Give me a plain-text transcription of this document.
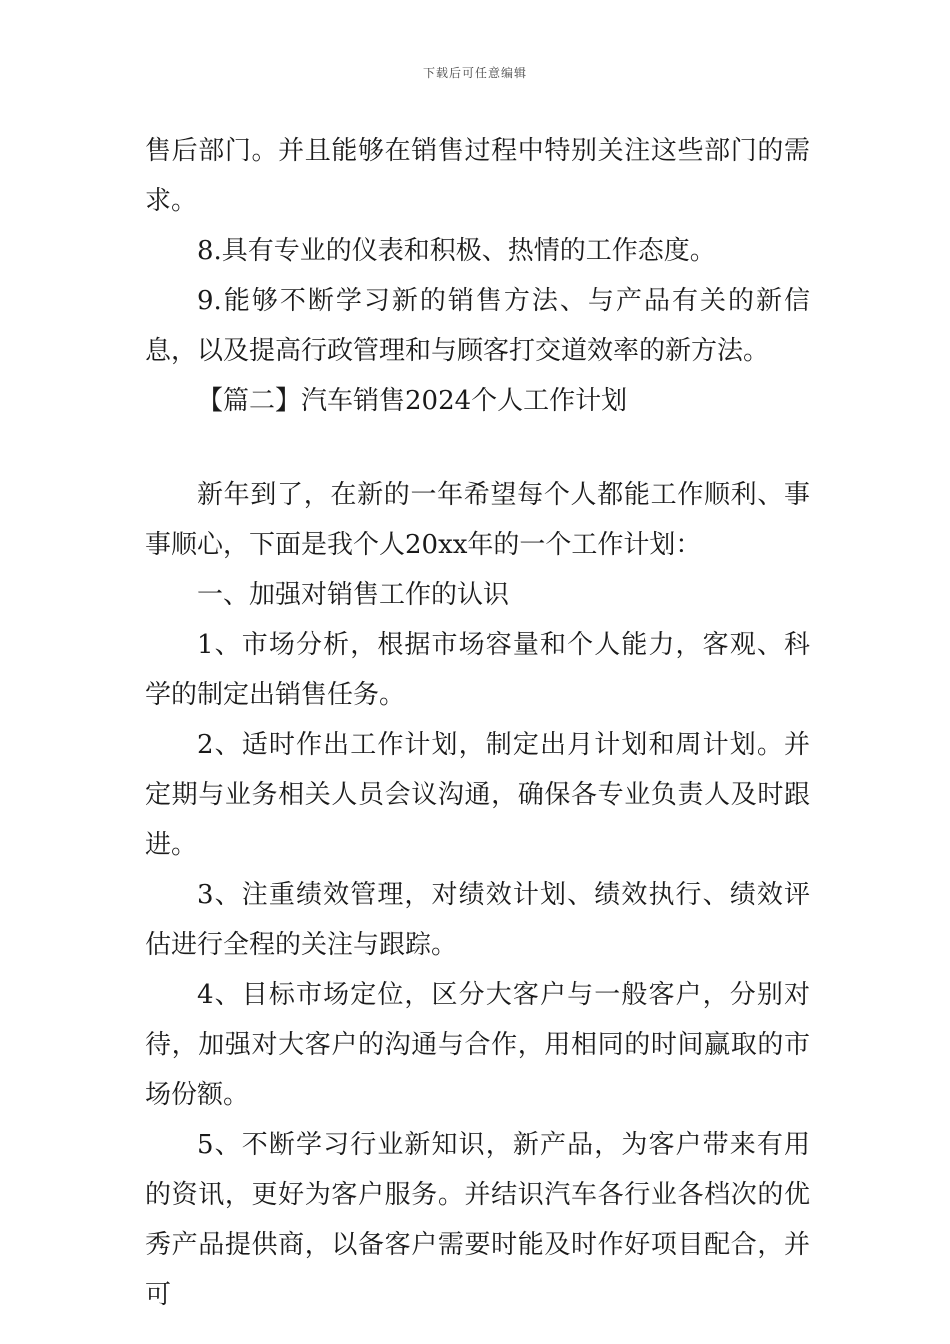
下载后可任意编辑

售后部门。并且能够在销售过程中特别关注这些部门的需求。

8.具有专业的仪表和积极、热情的工作态度。

9.能够不断学习新的销售方法、与产品有关的新信息，以及提高行政管理和与顾客打交道效率的新方法。

【篇二】汽车销售2024个人工作计划

新年到了，在新的一年希望每个人都能工作顺利、事事顺心，下面是我个人20xx年的一个工作计划：

一、加强对销售工作的认识

1、市场分析，根据市场容量和个人能力，客观、科学的制定出销售任务。

2、适时作出工作计划，制定出月计划和周计划。并定期与业务相关人员会议沟通，确保各专业负责人及时跟进。

3、注重绩效管理，对绩效计划、绩效执行、绩效评估进行全程的关注与跟踪。

4、目标市场定位，区分大客户与一般客户，分别对待，加强对大客户的沟通与合作，用相同的时间赢取的市场份额。

5、不断学习行业新知识，新产品，为客户带来有用的资讯，更好为客户服务。并结识汽车各行业各档次的优秀产品提供商，以备客户需要时能及时作好项目配合，并可
